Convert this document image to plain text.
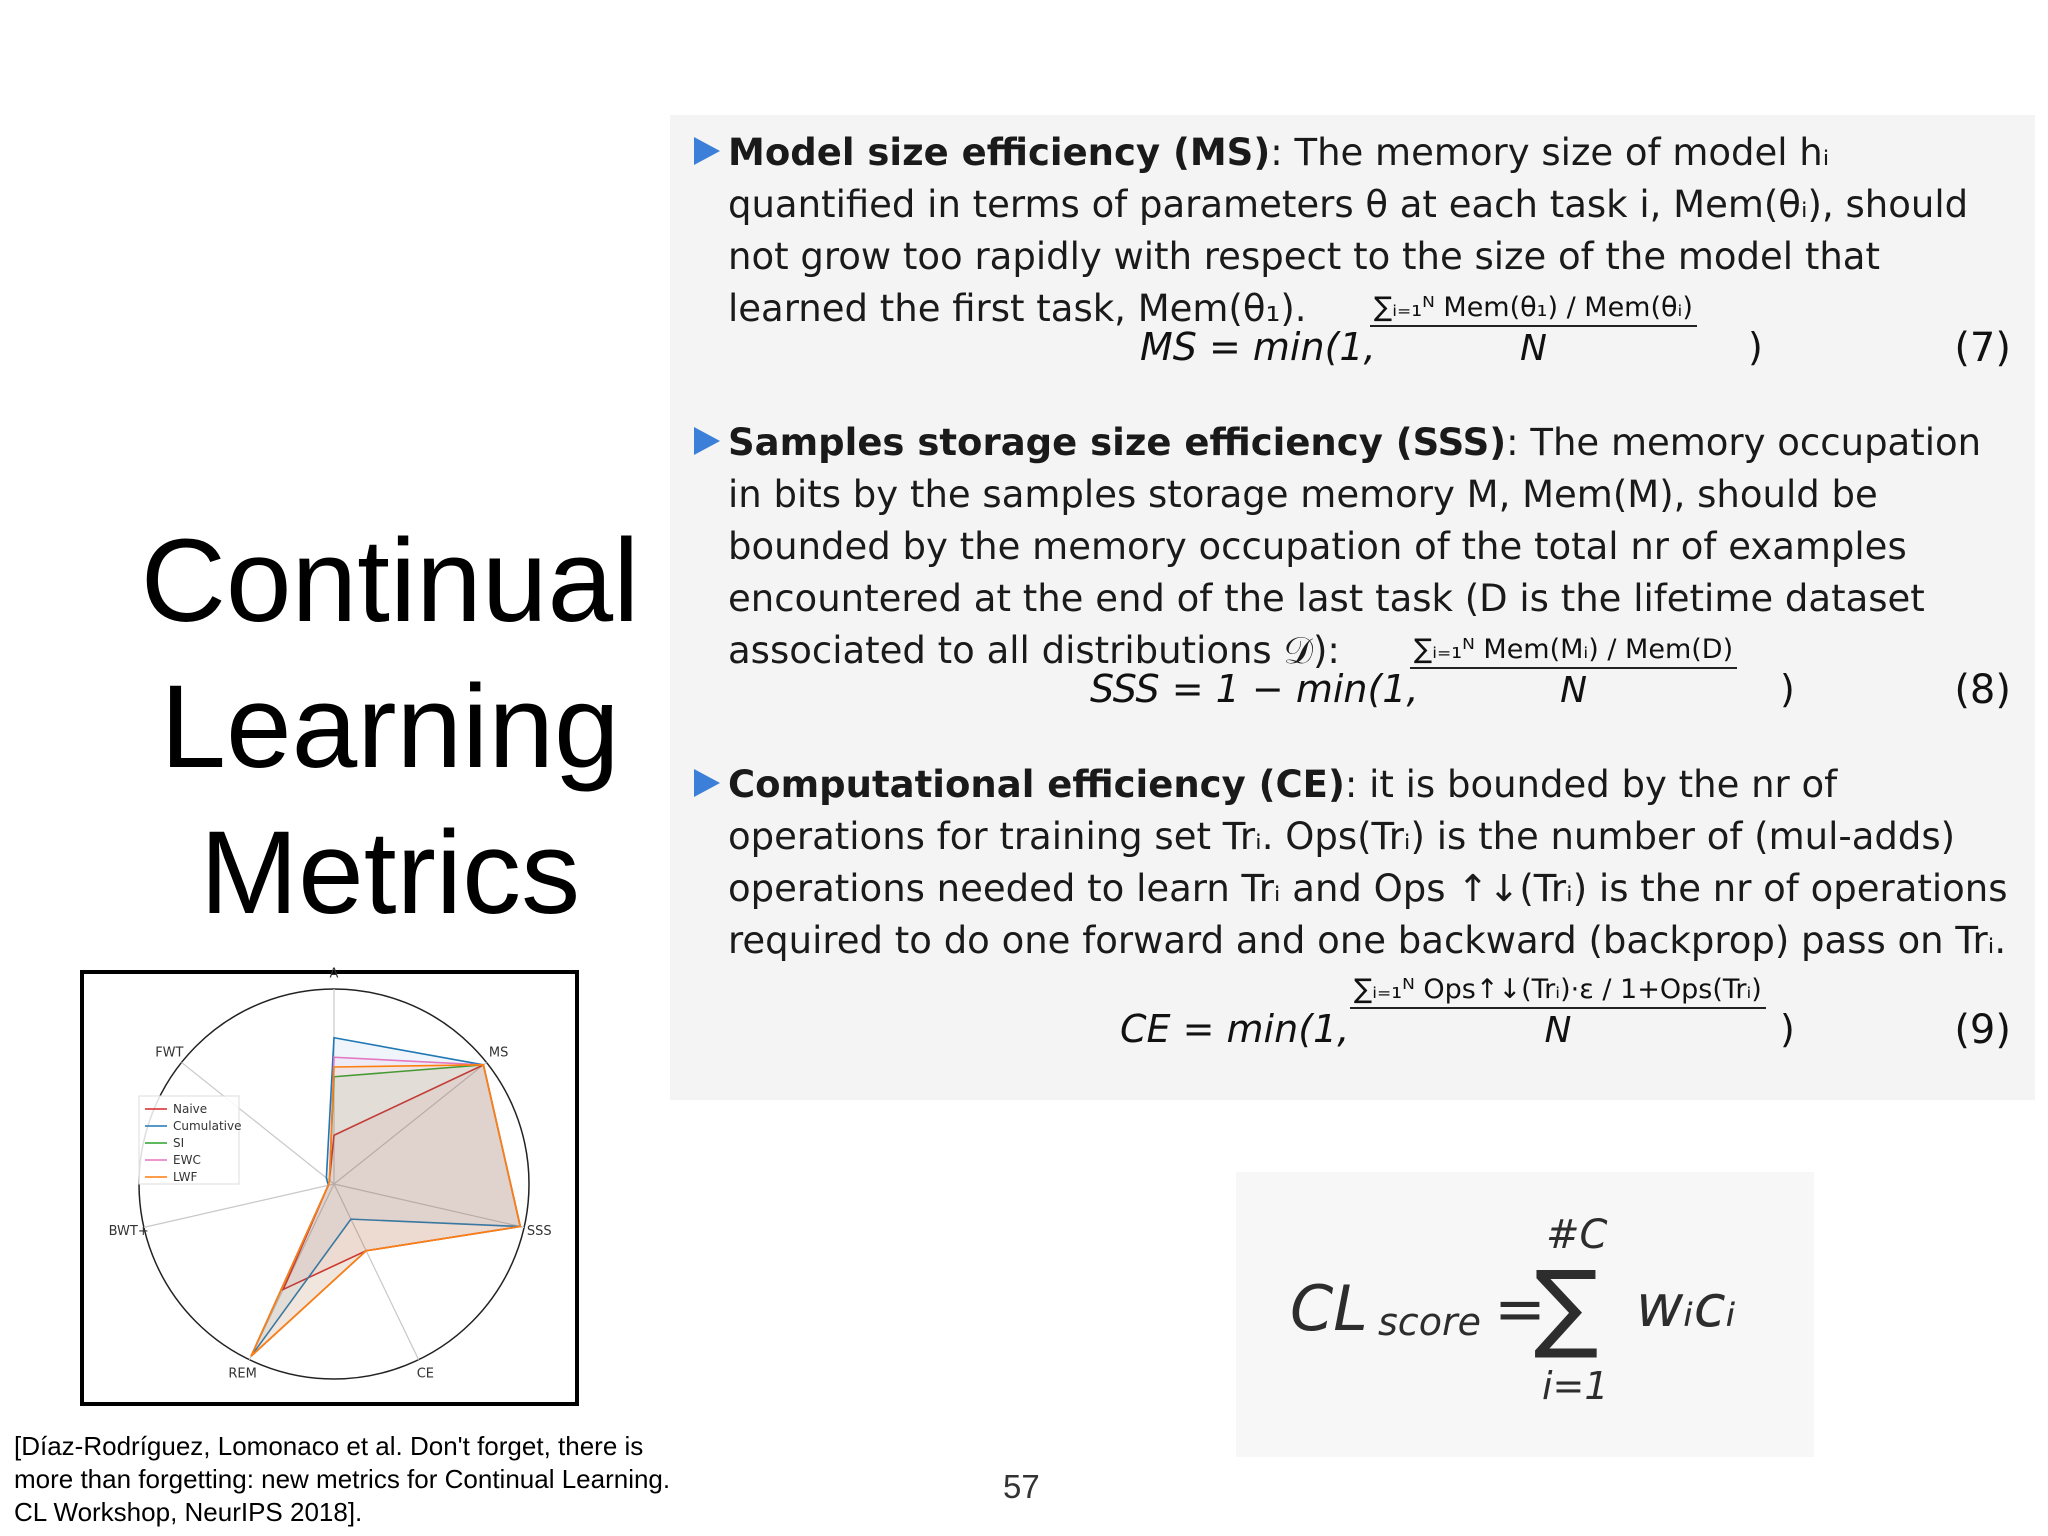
Continual
Learning
Metrics
Model size efficiency (MS): The memory size of model hᵢ quantified in terms of parameters θ at each task i, Mem(θᵢ), should not grow too rapidly with respect to the size of the model that learned the first task, Mem(θ₁).
MS = min(1,
∑ᵢ₌₁ᴺ Mem(θ₁) / Mem(θᵢ)
N	)	(7)
Samples storage size efficiency (SSS): The memory occupation in bits by the samples storage memory M, Mem(M), should be bounded by the memory occupation of the total nr of examples encountered at the end of the last task (D is the lifetime dataset associated to all distributions 𝒟):
SSS = 1 − min(1,
∑ᵢ₌₁ᴺ Mem(Mᵢ) / Mem(D)
N	)	(8)
Computational efficiency (CE): it is bounded by the nr of operations for training set Trᵢ. Ops(Trᵢ) is the number of (mul-adds) operations needed to learn Trᵢ and Ops ↑↓(Trᵢ) is the nr of operations required to do one forward and one backward (backprop) pass on Trᵢ.
CE = min(1,
∑ᵢ₌₁ᴺ Ops↑↓(Trᵢ)·ε / 1+Ops(Trᵢ)
N	)	(9)
CL score =
#C
∑
i=1
wᵢcᵢ
A
MS
SSS
CE
REM
BWT+
FWT
Naive
Cumulative
SI
EWC
LWF
[Díaz-Rodríguez, Lomonaco et al. Don't forget, there is
more than forgetting: new metrics for Continual Learning.
CL Workshop, NeurIPS 2018].
57
